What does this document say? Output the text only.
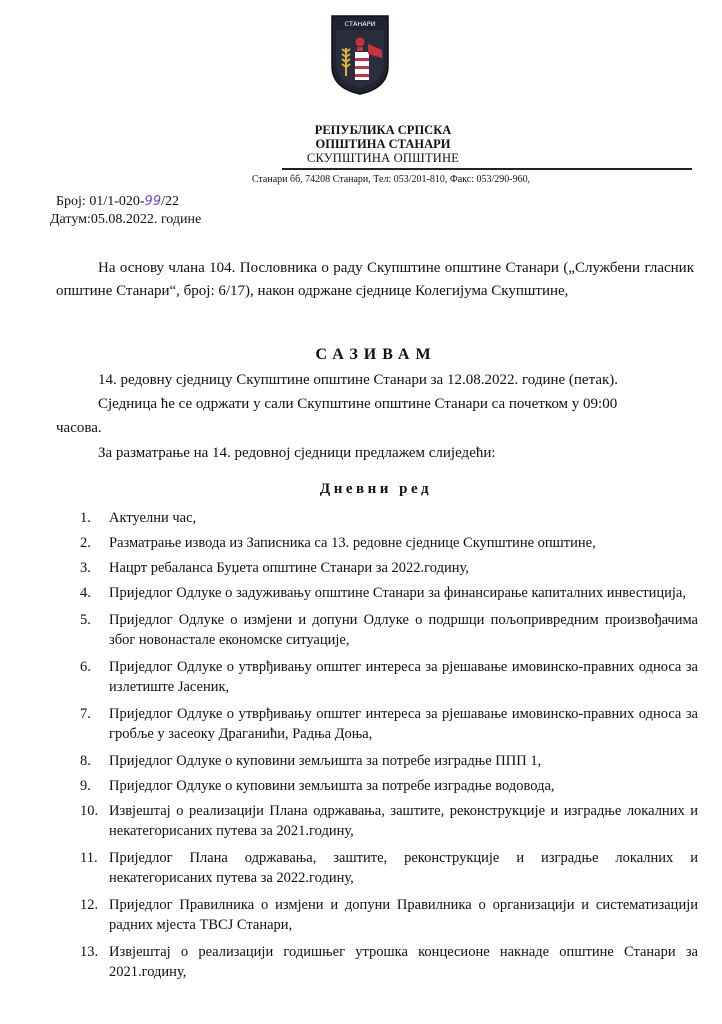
СТАНАРИ
РЕПУБЛИКА СРПСКА
ОПШТИНА СТАНАРИ
СКУПШТИНА ОПШТИНЕ
Станари бб, 74208 Станари, Тел: 053/201-810, Факс: 053/290-960,
Број: 01/1-020-99/22
Датум:05.08.2022. године
На основу члана 104. Пословника о раду Скупштине општине Станари („Службени гласник општине Станари“, број: 6/17), након одржане сједнице Колегијума Скупштине,
САЗИВАМ
14. редовну сједницу Скупштине општине Станари за 12.08.2022. године (петак).
Сједница ће се одржати у сали Скупштине општине Станари са почетком у 09:00
часова.
За разматрање на 14. редовној сједници предлажем слиједећи:
Дневни ред
1.	Актуелни час,
2.	Разматрање извода из Записника са 13. редовне сједнице Скупштине општине,
3.	Нацрт ребаланса Буџета општине Станари за 2022.годину,
4.	Приједлог Одлуке о задуживању општине Станари за финансирање капиталних инвестиција,
5.	Приједлог Одлуке о измјени и допуни Одлуке о подршци пољопривредним произвођачима због новонастале економске ситуације,
6.	Приједлог Одлуке о утврђивању општег интереса за рјешавање имовинско-правних односа за излетиште Јасеник,
7.	Приједлог Одлуке о утврђивању општег интереса за рјешавање имовинско-правних односа за гробље у засеоку Драганићи, Радња Доња,
8.	Приједлог Одлуке о куповини земљишта за потребе изградње ППП 1,
9.	Приједлог Одлуке о куповини земљишта за потребе изградње водовода,
10. Извјештај о реализацији Плана одржавања, заштите, реконструкције и изградње локалних и некатегорисаних путева за 2021.годину,
11. Приједлог Плана одржавања, заштите, реконструкције и изградње локалних и некатегорисаних путева за 2022.годину,
12. Приједлог Правилника о измјени и допуни Правилника о организацији и систематизацији радних мјеста ТВСЈ Станари,
13. Извјештај о реализацији годишњег утрошка концесионе накнаде општине Станари за 2021.годину,
